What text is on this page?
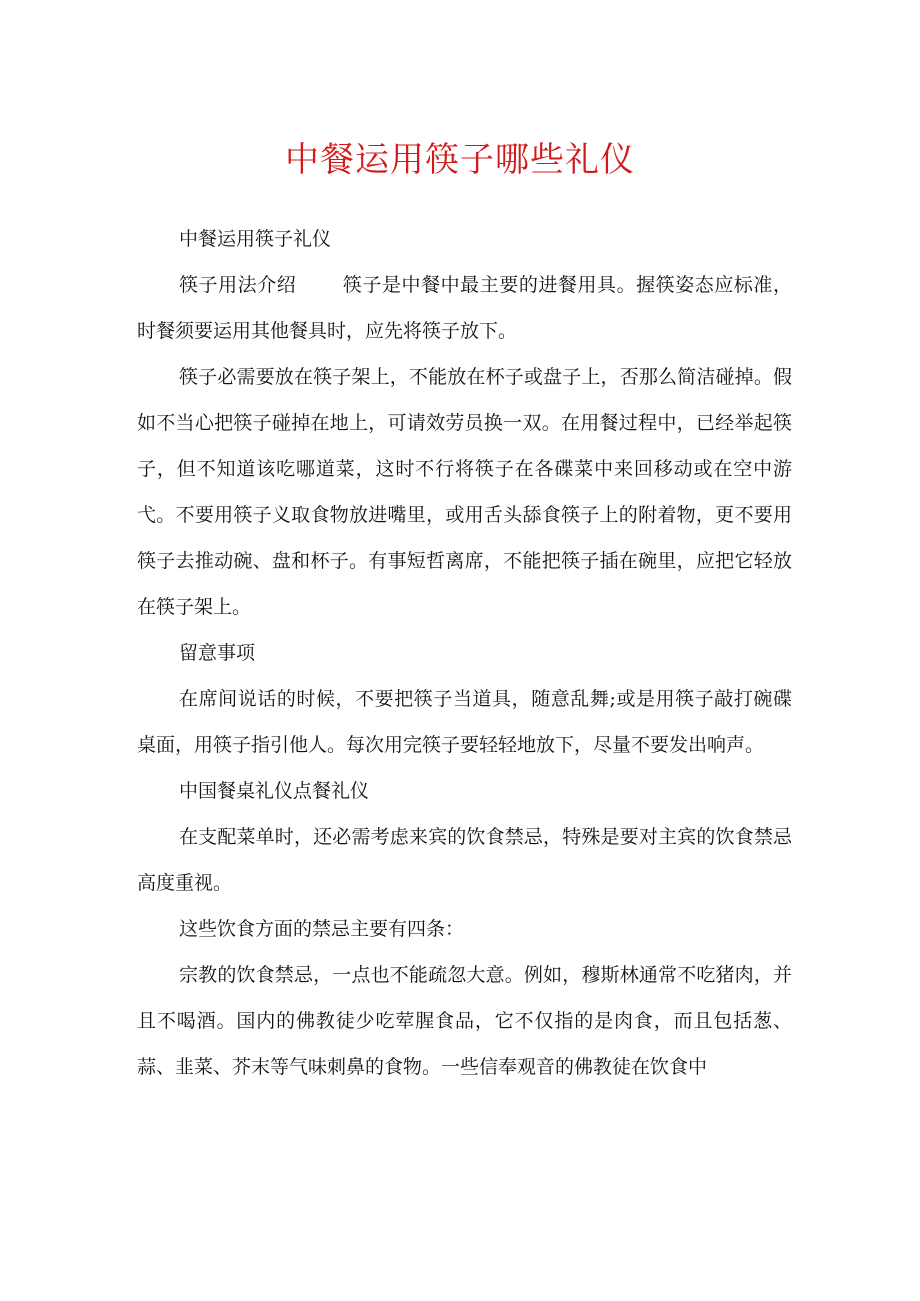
中餐运用筷子哪些礼仪

中餐运用筷子礼仪

筷子用法介绍 筷子是中餐中最主要的进餐用具。握筷姿态应标准，时餐须要运用其他餐具时，应先将筷子放下。

筷子必需要放在筷子架上，不能放在杯子或盘子上，否那么简洁碰掉。假如不当心把筷子碰掉在地上，可请效劳员换一双。在用餐过程中，已经举起筷子，但不知道该吃哪道菜，这时不行将筷子在各碟菜中来回移动或在空中游弋。不要用筷子义取食物放进嘴里，或用舌头舔食筷子上的附着物，更不要用筷子去推动碗、盘和杯子。有事短哲离席，不能把筷子插在碗里，应把它轻放在筷子架上。

留意事项

在席间说话的时候，不要把筷子当道具，随意乱舞;或是用筷子敲打碗碟桌面，用筷子指引他人。每次用完筷子要轻轻地放下，尽量不要发出响声。

中国餐桌礼仪点餐礼仪

在支配菜单时，还必需考虑来宾的饮食禁忌，特殊是要对主宾的饮食禁忌高度重视。

这些饮食方面的禁忌主要有四条：

宗教的饮食禁忌，一点也不能疏忽大意。例如，穆斯林通常不吃猪肉，并且不喝酒。国内的佛教徒少吃荤腥食品，它不仅指的是肉食，而且包括葱、蒜、韭菜、芥末等气味刺鼻的食物。一些信奉观音的佛教徒在饮食中
